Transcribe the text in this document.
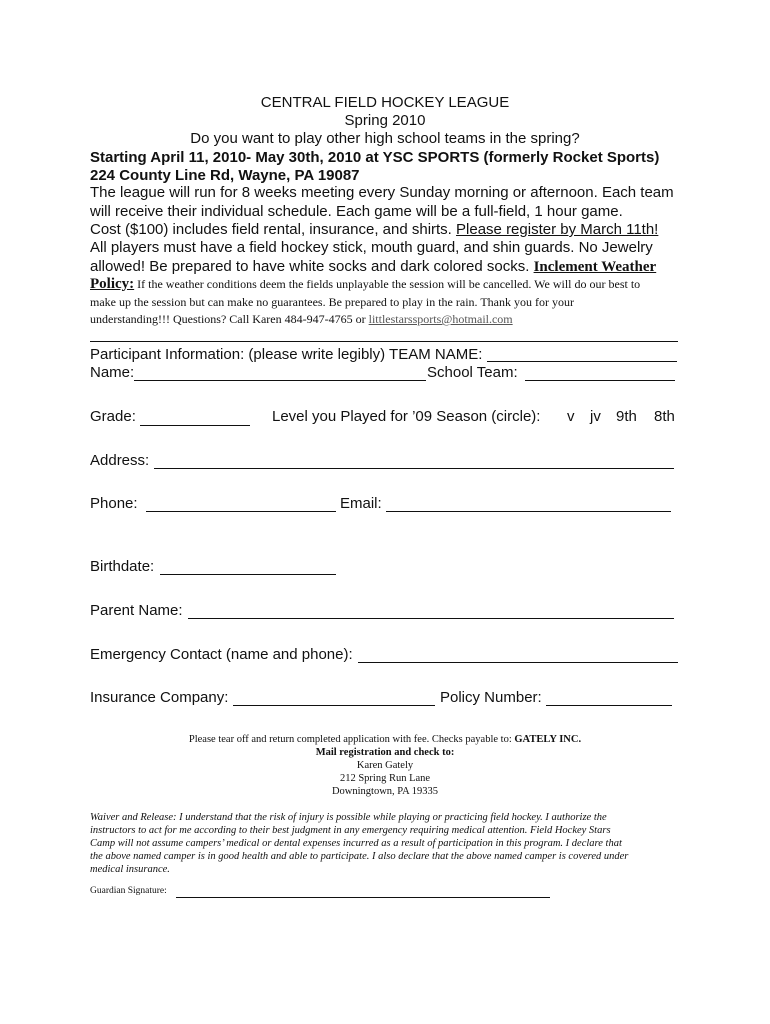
CENTRAL FIELD HOCKEY LEAGUE
Spring 2010
Do you want to play other high school teams in the spring?
Starting April 11, 2010- May 30th, 2010 at YSC SPORTS (formerly Rocket Sports)
224 County Line Rd, Wayne, PA 19087
The league will run for 8 weeks meeting every Sunday morning or afternoon. Each team
will receive their individual schedule. Each game will be a full-field, 1 hour game.
Cost ($100) includes field rental, insurance, and shirts. Please register by March 11th!
All players must have a field hockey stick, mouth guard, and shin guards. No Jewelry
allowed! Be prepared to have white socks and dark colored socks. Inclement Weather
Policy: If the weather conditions deem the fields unplayable the session will be cancelled. We will do our best to
make up the session but can make no guarantees. Be prepared to play in the rain. Thank you for your
understanding!!! Questions? Call Karen 484-947-4765 or littlestarssports@hotmail.com
Participant Information: (please write legibly) TEAM NAME:
Name:	School Team:
Grade:	Level you Played for ’09 Season (circle): v jv 9th 8th
Address:
Phone:	Email:
Birthdate:
Parent Name:
Emergency Contact (name and phone):
Insurance Company:	Policy Number:
Please tear off and return completed application with fee. Checks payable to: GATELY INC.
Mail registration and check to:
Karen Gately
212 Spring Run Lane
Downingtown, PA 19335
Waiver and Release: I understand that the risk of injury is possible while playing or practicing field hockey. I authorize the
instructors to act for me according to their best judgment in any emergency requiring medical attention. Field Hockey Stars
Camp will not assume campers’ medical or dental expenses incurred as a result of participation in this program. I declare that
the above named camper is in good health and able to participate. I also declare that the above named camper is covered under
medical insurance.
Guardian Signature:
